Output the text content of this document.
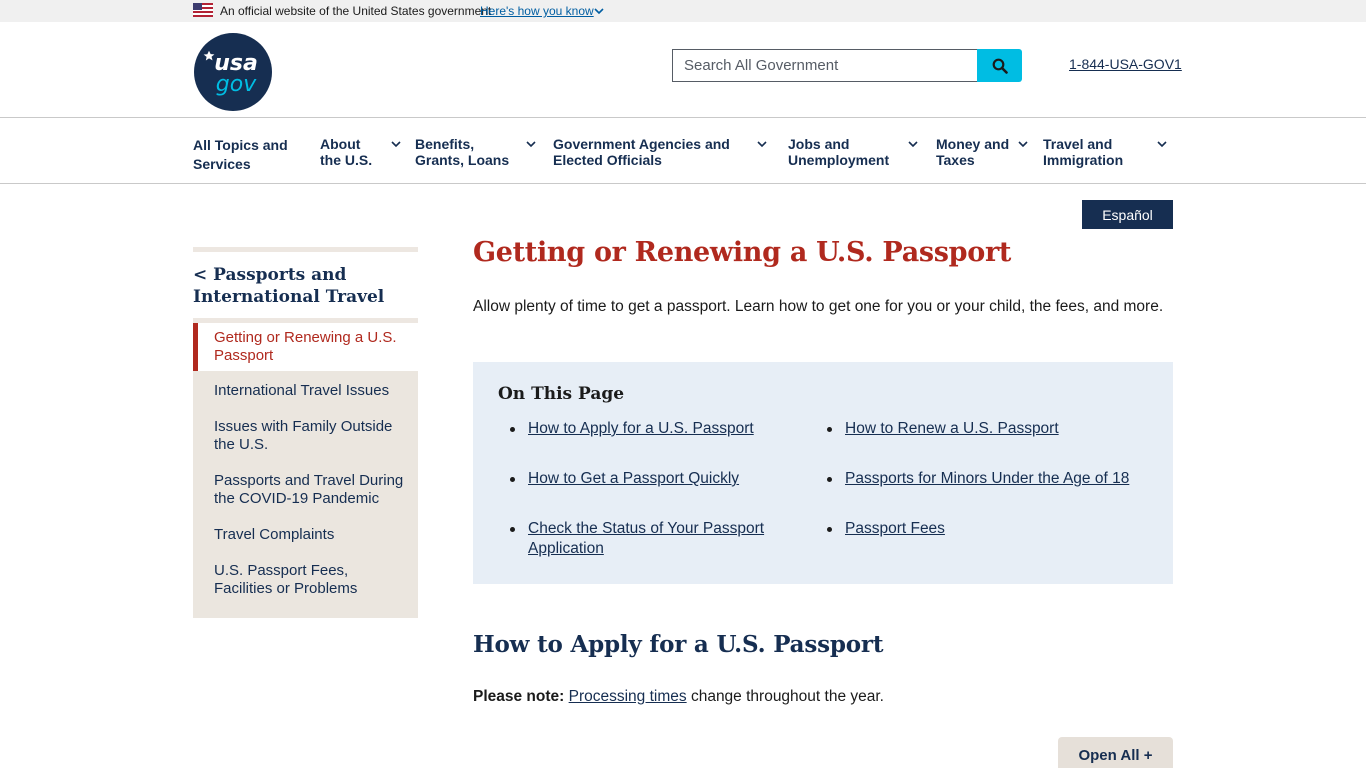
An official website of the United States government
Here's how you know
usa
gov
Search All Government
1-844-USA-GOV1
All Topics and
Services
About
the U.S.
Benefits,
Grants, Loans
Government Agencies and
Elected Officials
Jobs and
Unemployment
Money and
Taxes
Travel and
Immigration
Español
< Passports and International Travel
Getting or Renewing a U.S. Passport
International Travel Issues
Issues with Family Outside the U.S.
Passports and Travel During the COVID-19 Pandemic
Travel Complaints
U.S. Passport Fees, Facilities or Problems
Getting or Renewing a U.S. Passport

Allow plenty of time to get a passport. Learn how to get one for you or your child, the fees, and more.

On This Page
How to Apply for a U.S. Passport	How to Renew a U.S. Passport
How to Get a Passport Quickly	Passports for Minors Under the Age of 18
Check the Status of Your Passport Application
Passport Fees
How to Apply for a U.S. Passport

Please note: Processing times change throughout the year.

Open All +
